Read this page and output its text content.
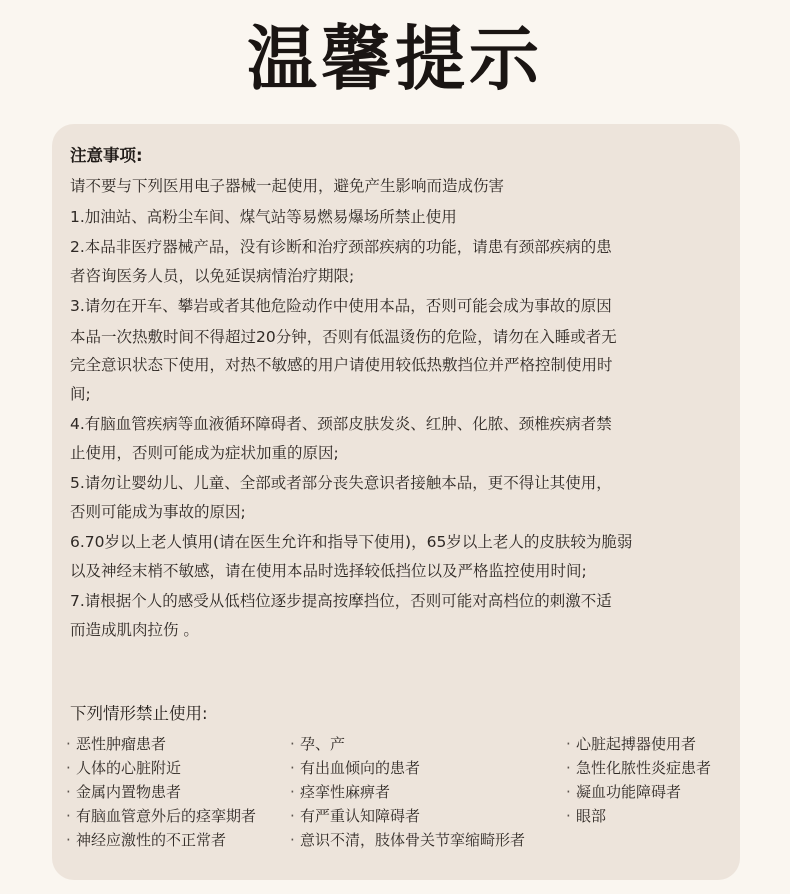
温馨提示
注意事项:
请不要与下列医用电子器械一起使用，避免产生影响而造成伤害
1.加油站、高粉尘车间、煤气站等易燃易爆场所禁止使用
2.本品非医疗器械产品，没有诊断和治疗颈部疾病的功能，请患有颈部疾病的患
者咨询医务人员，以免延误病情治疗期限;
3.请勿在开车、攀岩或者其他危险动作中使用本品，否则可能会成为事故的原因
本品一次热敷时间不得超过20分钟，否则有低温烫伤的危险，请勿在入睡或者无
完全意识状态下使用，对热不敏感的用户请使用较低热敷挡位并严格控制使用时
间;
4.有脑血管疾病等血液循环障碍者、颈部皮肤发炎、红肿、化脓、颈椎疾病者禁
止使用，否则可能成为症状加重的原因;
5.请勿让婴幼儿、儿童、全部或者部分丧失意识者接触本品，更不得让其使用，
否则可能成为事故的原因;
6.70岁以上老人慎用(请在医生允许和指导下使用)，65岁以上老人的皮肤较为脆弱
以及神经末梢不敏感，请在使用本品时选择较低挡位以及严格监控使用时间;
7.请根据个人的感受从低档位逐步提高按摩挡位，否则可能对高档位的刺激不适
而造成肌肉拉伤 。
下列情形禁止使用:
· 恶性肿瘤患者
· 人体的心脏附近
· 金属内置物患者
· 有脑血管意外后的痉挛期者
· 神经应激性的不正常者
· 孕、产
· 有出血倾向的患者
· 痉挛性麻痹者
· 有严重认知障碍者
· 意识不清，肢体骨关节挛缩畸形者
· 心脏起搏器使用者
· 急性化脓性炎症患者
· 凝血功能障碍者
· 眼部
